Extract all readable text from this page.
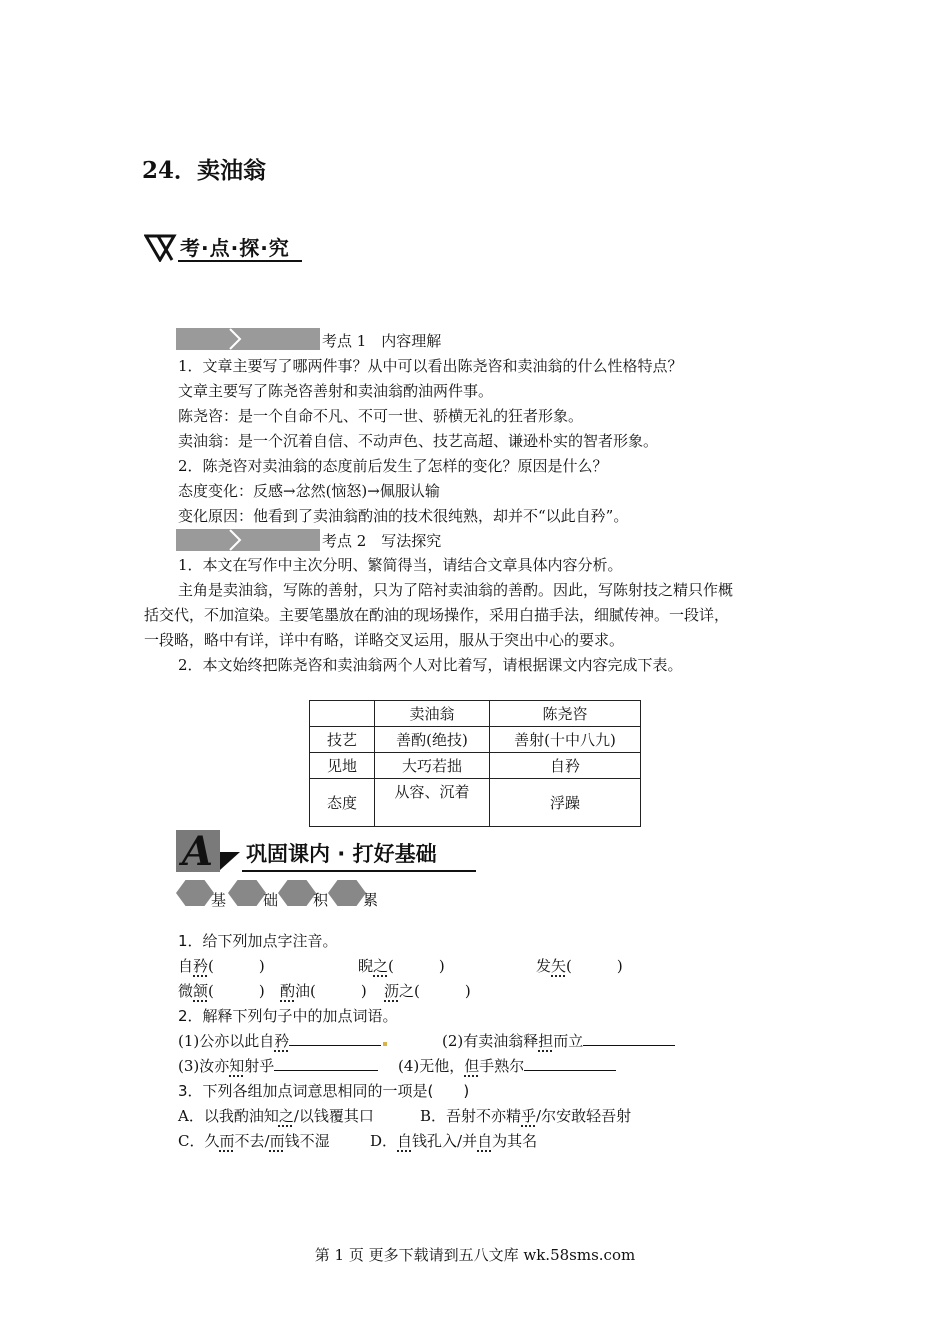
24．卖油翁
考·点·探·究
考点 1　内容理解
1．文章主要写了哪两件事？从中可以看出陈尧咨和卖油翁的什么性格特点？
文章主要写了陈尧咨善射和卖油翁酌油两件事。
陈尧咨：是一个自命不凡、不可一世、骄横无礼的狂者形象。
卖油翁：是一个沉着自信、不动声色、技艺高超、谦逊朴实的智者形象。
2．陈尧咨对卖油翁的态度前后发生了怎样的变化？原因是什么？
态度变化：反感→忿然(恼怒)→佩服认输
变化原因：他看到了卖油翁酌油的技术很纯熟，却并不“以此自矜”。
考点 2　写法探究
1．本文在写作中主次分明、繁简得当，请结合文章具体内容分析。
主角是卖油翁，写陈的善射，只为了陪衬卖油翁的善酌。因此，写陈射技之精只作概
括交代，不加渲染。主要笔墨放在酌油的现场操作，采用白描手法，细腻传神。一段详，
一段略，略中有详，详中有略，详略交叉运用，服从于突出中心的要求。
2．本文始终把陈尧咨和卖油翁两个人对比着写，请根据课文内容完成下表。
	卖油翁	陈尧咨
技艺	善酌(绝技)	善射(十中八九)
见地	大巧若拙	自矜
态度	从容、沉着	浮躁
A 巩固课内 · 打好基础
基 础 积 累
1．给下列加点字注音。
自矜(　　　)	睨之(　　　)	发矢(　　　)
微颔(　　　) 酌油(　　　) 沥之(　　　)
2．解释下列句子中的加点词语。
(1)公亦以此自矜	(2)有卖油翁释担而立
(3)汝亦知射乎	(4)无他，但手熟尔
3．下列各组加点词意思相同的一项是(　　)
A．以我酌油知之/以钱覆其口	B．吾射不亦精乎/尔安敢轻吾射
C．久而不去/而钱不湿	D．自钱孔入/并自为其名
第 1 页 更多下载请到五八文库 wk.58sms.com
